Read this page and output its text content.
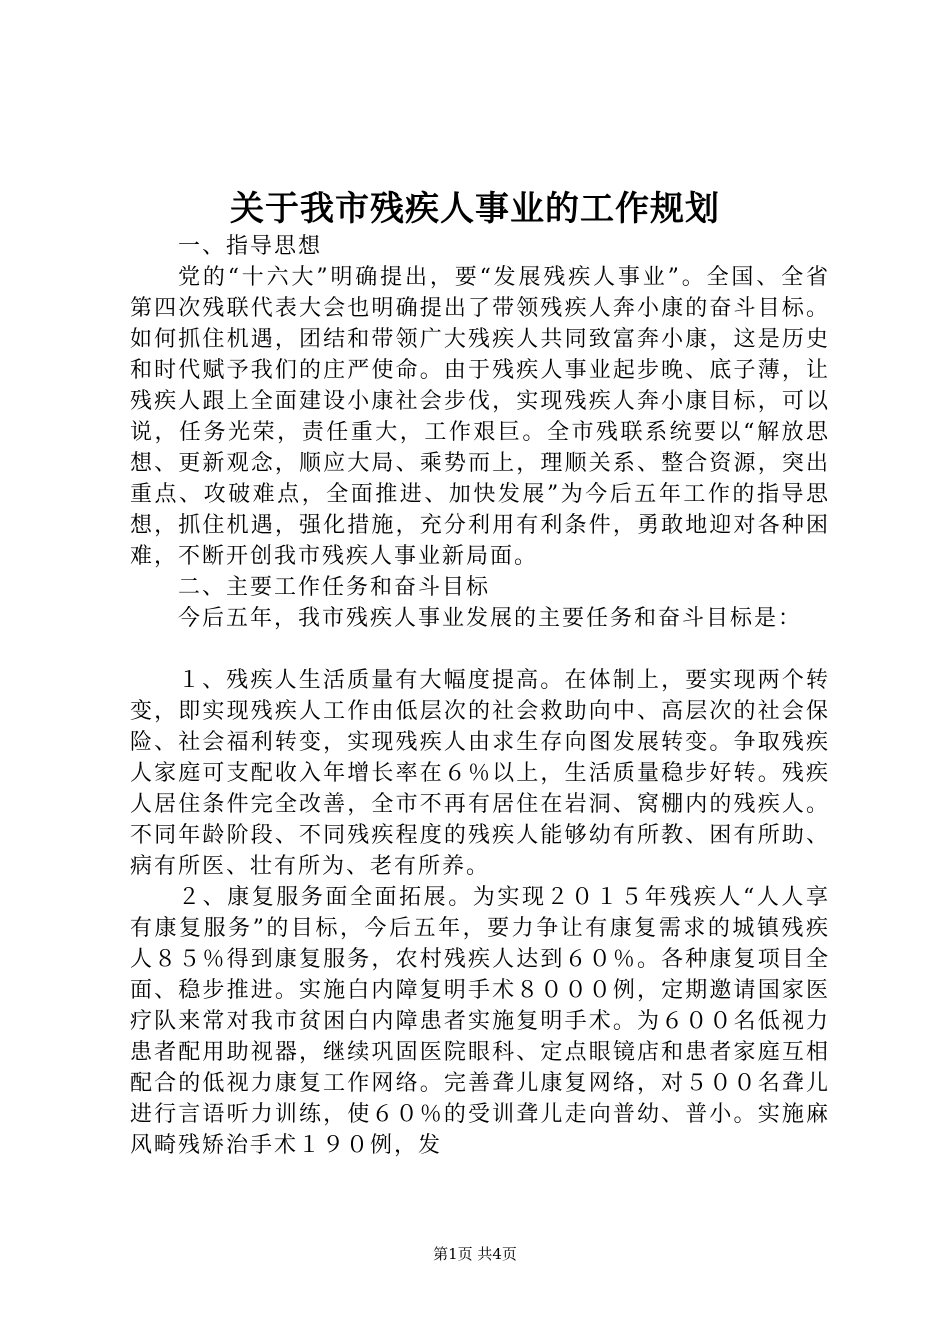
关于我市残疾人事业的工作规划

一、指导思想

党的“十六大”明确提出，要“发展残疾人事业”。全国、全省第四次残联代表大会也明确提出了带领残疾人奔小康的奋斗目标。如何抓住机遇，团结和带领广大残疾人共同致富奔小康，这是历史和时代赋予我们的庄严使命。由于残疾人事业起步晚、底子薄，让残疾人跟上全面建设小康社会步伐，实现残疾人奔小康目标，可以说，任务光荣，责任重大，工作艰巨。全市残联系统要以“解放思想、更新观念，顺应大局、乘势而上，理顺关系、整合资源，突出重点、攻破难点，全面推进、加快发展”为今后五年工作的指导思想，抓住机遇，强化措施，充分利用有利条件，勇敢地迎对各种困难，不断开创我市残疾人事业新局面。

二、主要工作任务和奋斗目标

今后五年，我市残疾人事业发展的主要任务和奋斗目标是：

１、残疾人生活质量有大幅度提高。在体制上，要实现两个转变，即实现残疾人工作由低层次的社会救助向中、高层次的社会保险、社会福利转变，实现残疾人由求生存向图发展转变。争取残疾人家庭可支配收入年增长率在６％以上，生活质量稳步好转。残疾人居住条件完全改善，全市不再有居住在岩洞、窝棚内的残疾人。不同年龄阶段、不同残疾程度的残疾人能够幼有所教、困有所助、病有所医、壮有所为、老有所养。

２、康复服务面全面拓展。为实现２０１５年残疾人“人人享有康复服务”的目标，今后五年，要力争让有康复需求的城镇残疾人８５％得到康复服务，农村残疾人达到６０％。各种康复项目全面、稳步推进。实施白内障复明手术８０００例，定期邀请国家医疗队来常对我市贫困白内障患者实施复明手术。为６００名低视力患者配用助视器，继续巩固医院眼科、定点眼镜店和患者家庭互相配合的低视力康复工作网络。完善聋儿康复网络，对５００名聋儿进行言语听力训练，使６０％的受训聋儿走向普幼、普小。实施麻风畸残矫治手术１９０例，发

第1页 共4页
